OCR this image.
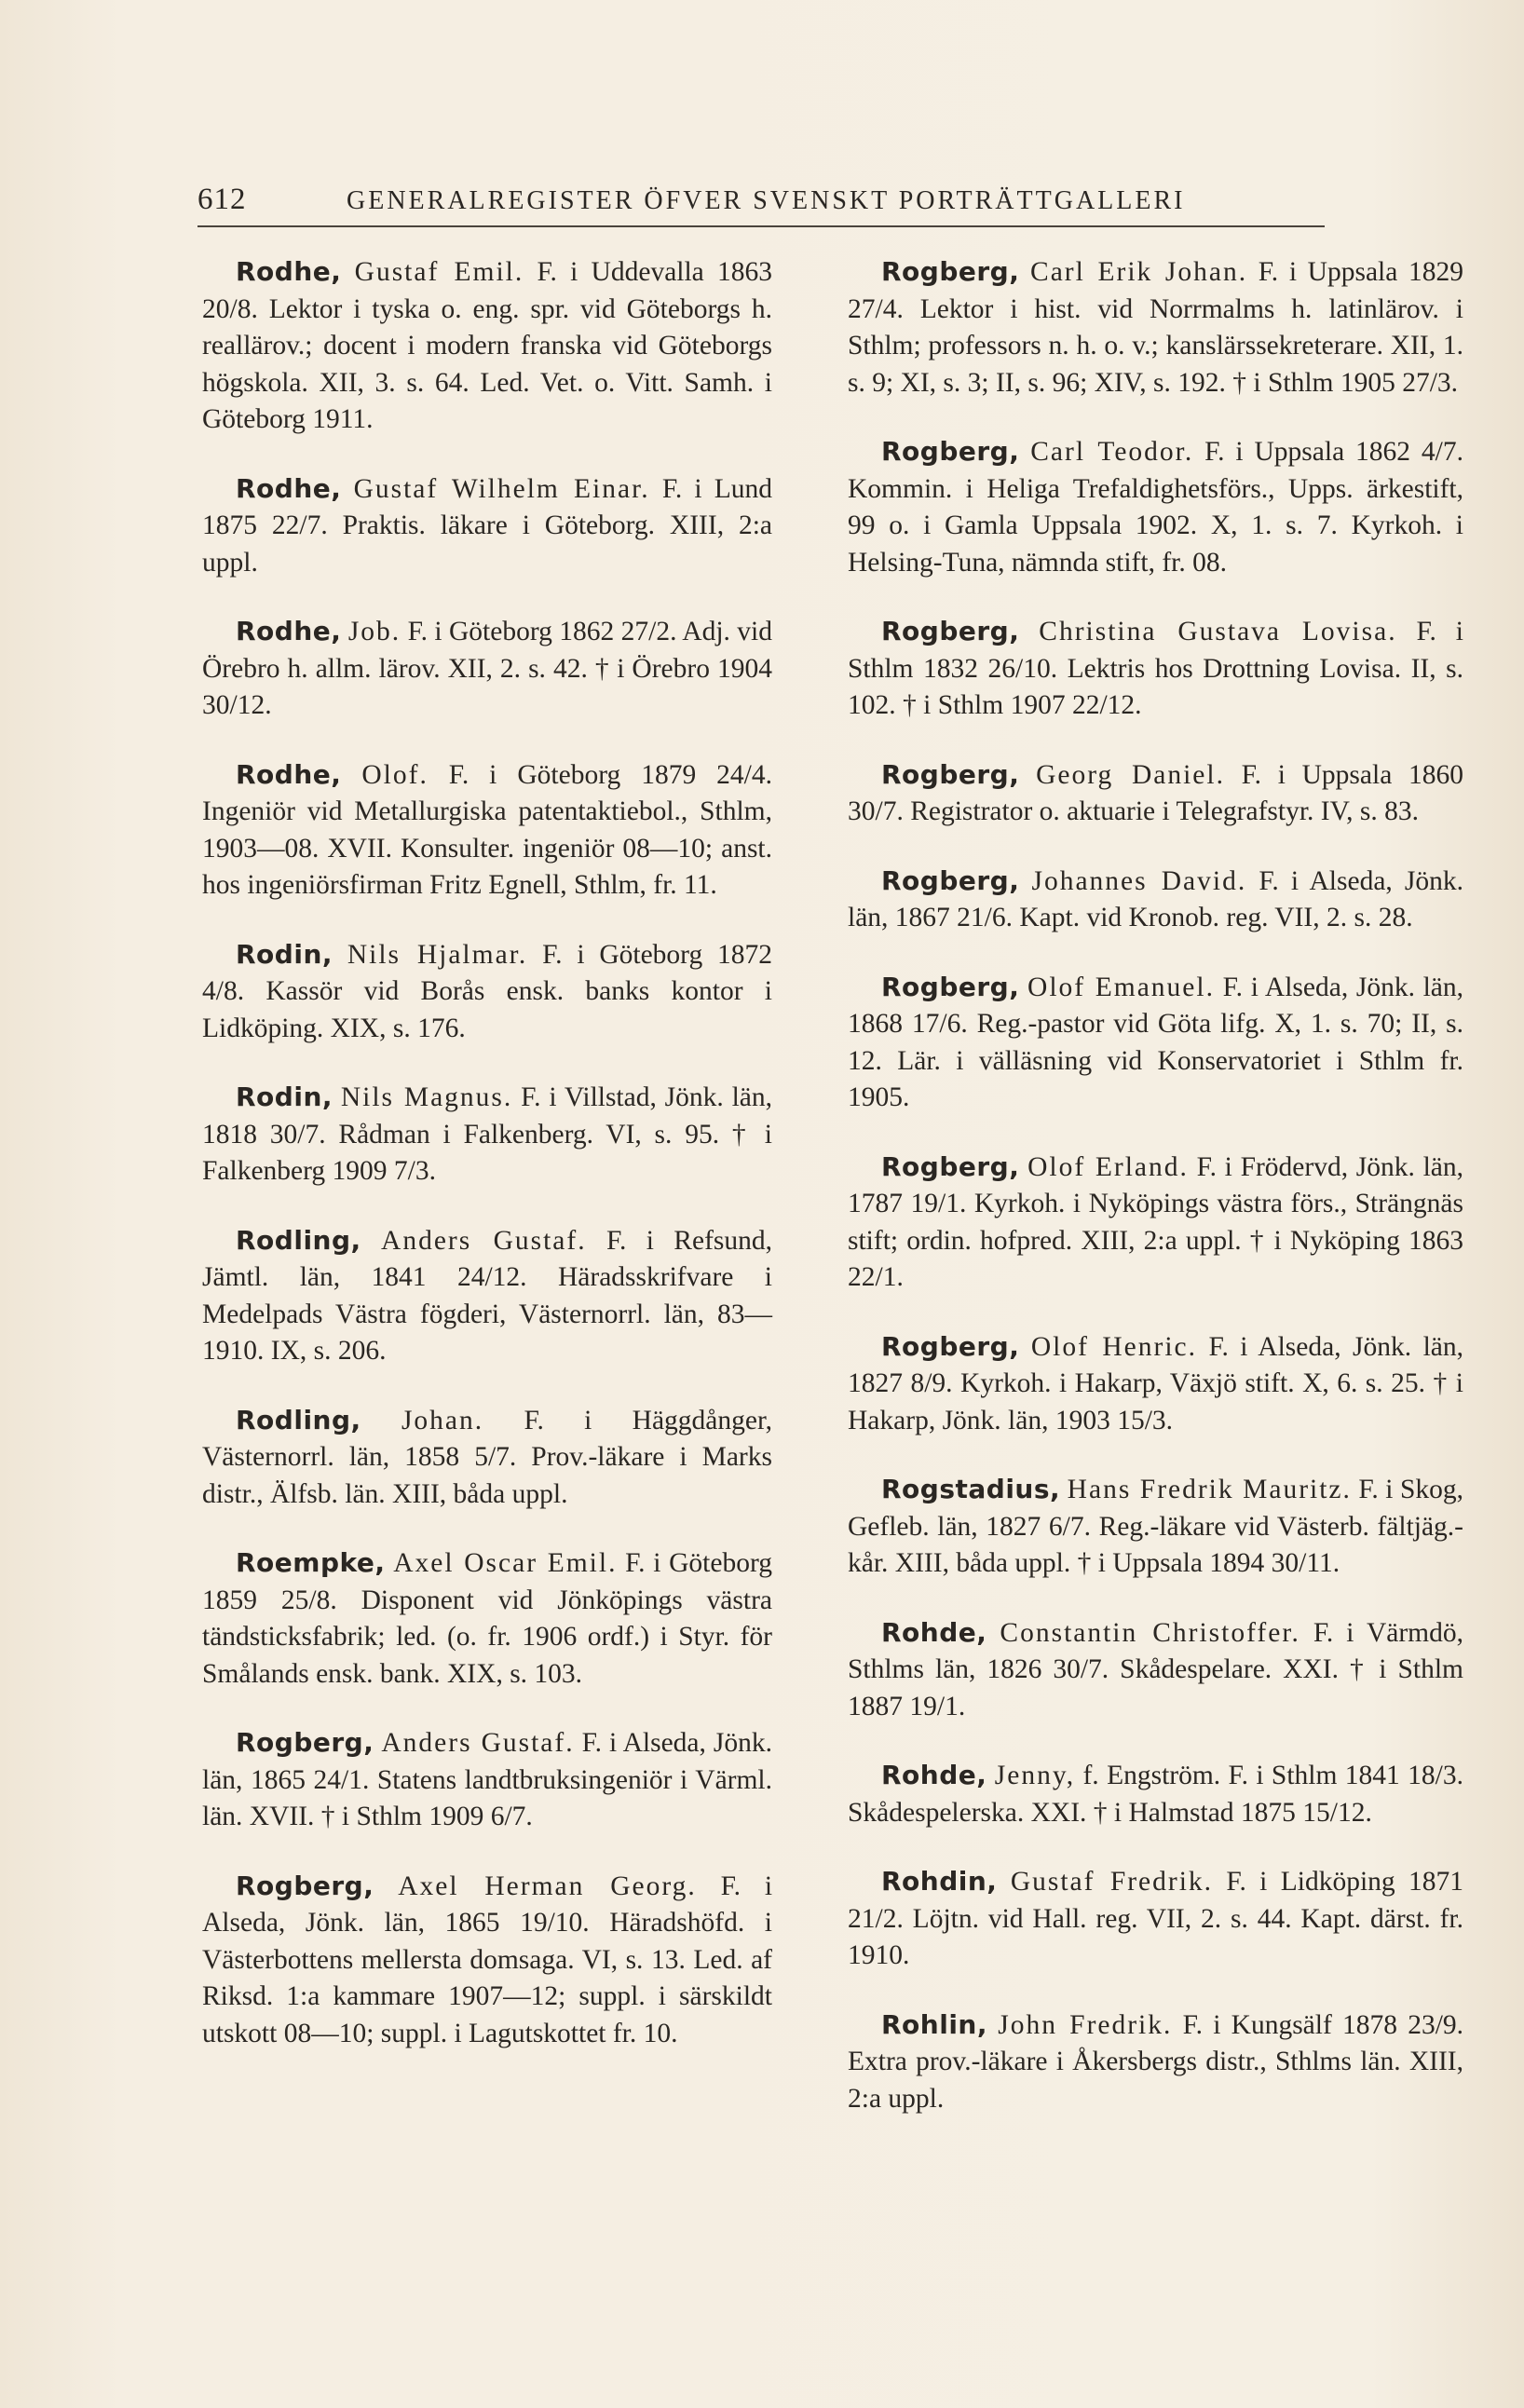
612	GENERALREGISTER ÖFVER SVENSKT PORTRÄTTGALLERI

Rodhe, Gustaf Emil. F. i Uddevalla 1863 20/8. Lektor i tyska o. eng. spr. vid Göteborgs h. reallärov.; docent i modern franska vid Göteborgs högskola. XII, 3. s. 64. Led. Vet. o. Vitt. Samh. i Göteborg 1911.

Rodhe, Gustaf Wilhelm Einar. F. i Lund 1875 22/7. Praktis. läkare i Göteborg. XIII, 2:a uppl.

Rodhe, Job. F. i Göteborg 1862 27/2. Adj. vid Örebro h. allm. lärov. XII, 2. s. 42. † i Örebro 1904 30/12.

Rodhe, Olof. F. i Göteborg 1879 24/4. Ingeniör vid Metallurgiska patentaktiebol., Sthlm, 1903—08. XVII. Konsulter. ingeniör 08—10; anst. hos ingeniörsfirman Fritz Egnell, Sthlm, fr. 11.

Rodin, Nils Hjalmar. F. i Göteborg 1872 4/8. Kassör vid Borås ensk. banks kontor i Lidköping. XIX, s. 176.

Rodin, Nils Magnus. F. i Villstad, Jönk. län, 1818 30/7. Rådman i Falkenberg. VI, s. 95. † i Falkenberg 1909 7/3.

Rodling, Anders Gustaf. F. i Refsund, Jämtl. län, 1841 24/12. Häradsskrifvare i Medelpads Västra fögderi, Västernorrl. län, 83—1910. IX, s. 206.

Rodling, Johan. F. i Häggdånger, Västernorrl. län, 1858 5/7. Prov.-läkare i Marks distr., Älfsb. län. XIII, båda uppl.

Roempke, Axel Oscar Emil. F. i Göteborg 1859 25/8. Disponent vid Jönköpings västra tändsticksfabrik; led. (o. fr. 1906 ordf.) i Styr. för Smålands ensk. bank. XIX, s. 103.

Rogberg, Anders Gustaf. F. i Alseda, Jönk. län, 1865 24/1. Statens landtbruksingeniör i Värml. län. XVII. † i Sthlm 1909 6/7.

Rogberg, Axel Herman Georg. F. i Alseda, Jönk. län, 1865 19/10. Häradshöfd. i Västerbottens mellersta domsaga. VI, s. 13. Led. af Riksd. 1:a kammare 1907—12; suppl. i särskildt utskott 08—10; suppl. i Lagutskottet fr. 10.

Rogberg, Carl Erik Johan. F. i Uppsala 1829 27/4. Lektor i hist. vid Norrmalms h. latinlärov. i Sthlm; professors n. h. o. v.; kanslärssekreterare. XII, 1. s. 9; XI, s. 3; II, s. 96; XIV, s. 192. † i Sthlm 1905 27/3.

Rogberg, Carl Teodor. F. i Uppsala 1862 4/7. Kommin. i Heliga Trefaldighetsförs., Upps. ärkestift, 99 o. i Gamla Uppsala 1902. X, 1. s. 7. Kyrkoh. i Helsing-Tuna, nämnda stift, fr. 08.

Rogberg, Christina Gustava Lovisa. F. i Sthlm 1832 26/10. Lektris hos Drottning Lovisa. II, s. 102. † i Sthlm 1907 22/12.

Rogberg, Georg Daniel. F. i Uppsala 1860 30/7. Registrator o. aktuarie i Telegrafstyr. IV, s. 83.

Rogberg, Johannes David. F. i Alseda, Jönk. län, 1867 21/6. Kapt. vid Kronob. reg. VII, 2. s. 28.

Rogberg, Olof Emanuel. F. i Alseda, Jönk. län, 1868 17/6. Reg.-pastor vid Göta lifg. X, 1. s. 70; II, s. 12. Lär. i välläsning vid Konservatoriet i Sthlm fr. 1905.

Rogberg, Olof Erland. F. i Frödervd, Jönk. län, 1787 19/1. Kyrkoh. i Nyköpings västra förs., Strängnäs stift; ordin. hofpred. XIII, 2:a uppl. † i Nyköping 1863 22/1.

Rogberg, Olof Henric. F. i Alseda, Jönk. län, 1827 8/9. Kyrkoh. i Hakarp, Växjö stift. X, 6. s. 25. † i Hakarp, Jönk. län, 1903 15/3.

Rogstadius, Hans Fredrik Mauritz. F. i Skog, Gefleb. län, 1827 6/7. Reg.-läkare vid Västerb. fältjäg.-kår. XIII, båda uppl. † i Uppsala 1894 30/11.

Rohde, Constantin Christoffer. F. i Värmdö, Sthlms län, 1826 30/7. Skådespelare. XXI. † i Sthlm 1887 19/1.

Rohde, Jenny, f. Engström. F. i Sthlm 1841 18/3. Skådespelerska. XXI. † i Halmstad 1875 15/12.

Rohdin, Gustaf Fredrik. F. i Lidköping 1871 21/2. Löjtn. vid Hall. reg. VII, 2. s. 44. Kapt. därst. fr. 1910.

Rohlin, John Fredrik. F. i Kungsälf 1878 23/9. Extra prov.-läkare i Åkersbergs distr., Sthlms län. XIII, 2:a uppl.
